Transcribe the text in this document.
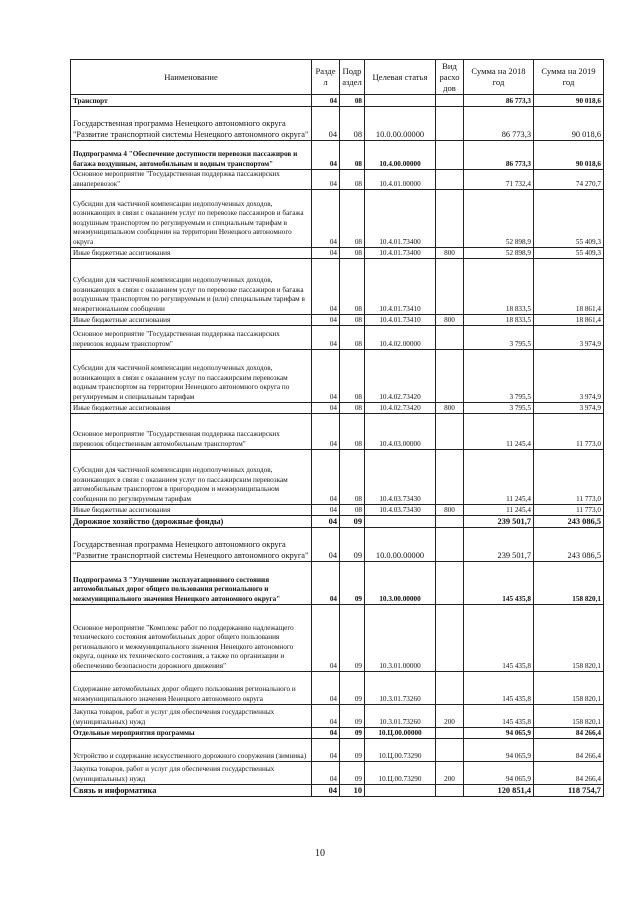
Наименование	Разде л	Подр аздел	Целевая статья	Вид расхо дов	Сумма на 2018 год	Сумма на 2019 год
Транспорт	04	08			86 773,3	90 018,6
Государственная программа Ненецкого автономного округа "Развитие транспортной системы Ненецкого автономного округа"	04	08	10.0.00.00000		86 773,3	90 018,6
Подпрограмма 4 "Обеспечение доступности перевозки пассажиров и багажа воздушным, автомобильным и водным транспортом"	04	08	10.4.00.00000		86 773,3	90 018,6
Основное мероприятие "Государственная поддержка пассажирских авиаперевозок"	04	08	10.4.01.00000		71 732,4	74 270,7
Субсидии для частичной компенсации недополученных доходов, возникающих в связи с оказанием услуг по перевозке пассажиров и багажа воздушным транспортом по регулируемым и специальным тарифам в межмуниципальном сообщении на территории Ненецкого автономного округа	04	08	10.4.01.73400		52 898,9	55 409,3
Иные бюджетные ассигнования	04	08	10.4.01.73400	800	52 898,9	55 409,3
Субсидии для частичной компенсации недополученных доходов, возникающих в связи с оказанием услуг по перевозке пассажиров и багажа воздушным транспортом по регулируемым и (или) специальным тарифам в межрегиональном сообщении	04	08	10.4.01.73410		18 833,5	18 861,4
Иные бюджетные ассигнования	04	08	10.4.01.73410	800	18 833,5	18 861,4
Основное мероприятие "Государственная поддержка пассажирских перевозок водным транспортом"	04	08	10.4.02.00000		3 795,5	3 974,9
Субсидии для частичной компенсации недополученных доходов, возникающих в связи с оказанием услуг по пассажирским перевозкам водным транспортом на территории Ненецкого автономного округа по регулируемым и специальным тарифам	04	08	10.4.02.73420		3 795,5	3 974,9
Иные бюджетные ассигнования	04	08	10.4.02.73420	800	3 795,5	3 974,9
Основное мероприятие "Государственная поддержка пассажирских перевозок общественным автомобильным транспортом"	04	08	10.4.03.00000		11 245,4	11 773,0
Субсидии для частичной компенсации недополученных доходов, возникающих в связи с оказанием услуг по пассажирским перевозкам автомобильным транспортом в пригородном и межмуниципальном сообщении по регулируемым тарифам	04	08	10.4.03.73430		11 245,4	11 773,0
Иные бюджетные ассигнования	04	08	10.4.03.73430	800	11 245,4	11 773,0
Дорожное хозяйство (дорожные фонды)	04	09			239 501,7	243 086,5
Государственная программа Ненецкого автономного округа "Развитие транспортной системы Ненецкого автономного округа"	04	09	10.0.00.00000		239 501,7	243 086,5
Подпрограмма 3 "Улучшение эксплуатационного состояния автомобильных дорог общего пользования регионального и межмуниципального значения Ненецкого автономного округа"	04	09	10.3.00.00000		145 435,8	158 820,1
Основное мероприятие "Комплекс работ по поддержанию надлежащего технического состояния автомобильных дорог общего пользования регионального и межмуниципального значения Ненецкого автономного округа, оценке их технического состояния, а также по организации и обеспечению безопасности дорожного движения"	04	09	10.3.01.00000		145 435,8	158 820,1
Содержание автомобильных дорог общего пользования регионального и межмуниципального значения Ненецкого автономного округа	04	09	10.3.01.73260		145 435,8	158 820,1
Закупка товаров, работ и услуг для обеспечения государственных (муниципальных) нужд	04	09	10.3.01.73260	200	145 435,8	158 820,1
Отдельные мероприятия программы	04	09	10.Ц.00.00000		94 065,9	84 266,4
Устройство и содержание искусственного дорожного сооружения (зимника)	04	09	10.Ц.00.73290		94 065,9	84 266,4
Закупка товаров, работ и услуг для обеспечения государственных (муниципальных) нужд	04	09	10.Ц.00.73290	200	94 065,9	84 266,4
Связь и информатика	04	10			120 851,4	118 754,7
10
